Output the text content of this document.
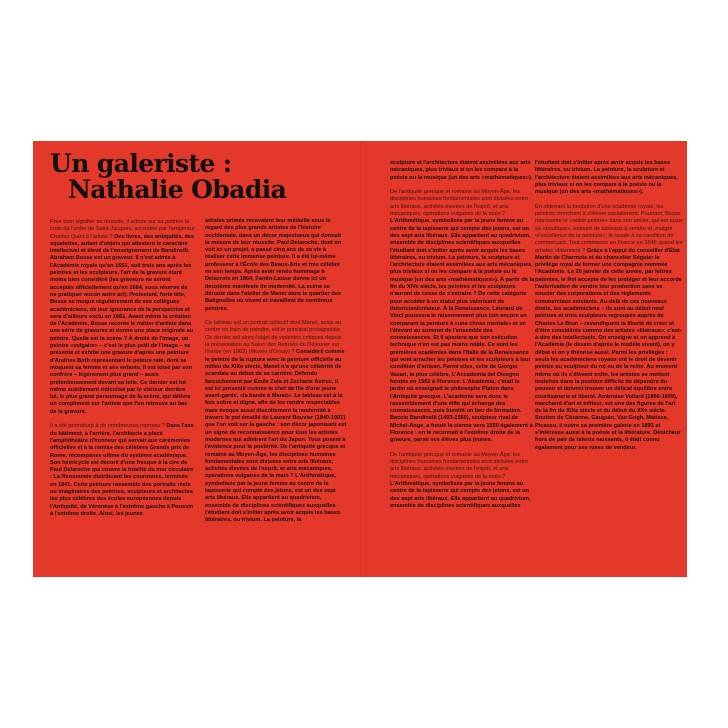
Un galeriste :
Nathalie Obadia

Pour bien signifier sa réussite, il arbore sur sa poitrine la croix de l'ordre de Saint-Jacques, accordée par l'empereur Charles Quint à l'artiste ? Des livres, des antiquités, des squelettes, autant d'objets qui attestent le caractère intellectuel et élevé de l'enseignement de Bandinelli. Abraham Bosse est un graveur. Il n'est admis à l'Académie royale qu'en 1651, soit trois ans après les peintres et les sculpteurs, l'art de la gravure étant moins bien considéré (les graveurs ne seront acceptés officiellement qu'en 1664, sous réserve de ne pratiquer aucun autre art). Protestant, forte tête, Bosse se moque régulièrement de ses collègues académiciens, de leur ignorance de la perspective et sera d'ailleurs exclu en 1661. Avant même la création de l'Académie, Bosse raconte le métier d'artiste dans une série de gravures et donne une place originale au peintre. Quelle est la scène ? À droite de l'image, un peintre «vulgaire» – c'est le plus petit de l'image – se présente et exhibe une gravure d'après une peinture d'Andries Both représentant le peintre raté, dont se moquent sa femme et ses enfants. Il est toisé par son confrère – légèrement plus grand – assis prétentieusement devant sa toile. Ce dernier est lui-même subtilement ridiculisé par le visiteur derrière lui, le plus grand personnage de la scène, qui délivre un compliment sur l'artiste que l'on retrouve au bas de la gravure.

Il a été portraituré à de nombreuses reprises ? Dans l'axe du bâtiment, à l'arrière, l'architecte a placé l'amphithéâtre d'honneur qui servait aux cérémonies officielles et à la remise des célèbres Grands prix de Rome, récompense ultime du système académique. Son hémicycle est décoré d'une fresque à la cire de Paul Delaroche qui couvre la totalité du mur circulaire : La Renommée distribuant les couronnes, terminée en 1841. Cette peinture rassemble des portraits réels ou imaginaires des peintres, sculpteurs et architectes les plus célèbres des écoles européennes depuis l'Antiquité, de Véronèse à l'extrême gauche à Poussin à l'extrême droite. Ainsi, les jeunes

artistes primés recevaient leur médaille sous le regard des plus grands artistes de l'histoire occidentale, dans un décor majestueux qui donnait la mesure de leur réussite. Paul Delaroche, dont on voit ici un projet, a passé cinq ans de sa vie à réaliser cette immense peinture. Il a été lui-même professeur à l'École des Beaux-Arts et très célèbre en son temps. Après avoir rendu hommage à Delacroix en 1864, Fantin-Latour donne ici un deuxième manifeste de modernité. La scène se déroule dans l'atelier de Manet dans le quartier des Batignolles où vivent et travaillent de nombreux peintres.

Ce tableau est un portrait collectif dont Manet, assis au centre en train de peindre, est le principal protagoniste. Ce dernier est alors l'objet de violentes critiques depuis la présentation au Salon des Refusés du Déjeuner sur l'herbe (en 1863) (Musée d'Orsay) ? Considéré comme le peintre de la rupture avec la peinture officielle au milieu du XIXe siècle, Manet n'a qu'une célébrité de scandale au début de sa carrière. Défendu farouchement par Émile Zola et Zacharie Astruc, il est ici présenté comme le chef de file d'une jeune avant-garde, «la bande à Manet». Le tableau est à la fois sobre et digne, afin de les rendre respectables mais évoque aussi discrètement la modernité à travers le pot émaillé de Laurent Bouvier (1840-1901) que l'on voit sur la gauche : son décor japonisant est un signe de reconnaissance pour tous les artistes modernes qui admirent l'art du Japon. Tous posent à l'évidence pour la postérité. De l'antiquité grecque et romaine au Moyen-Âge, les disciplines humaines fondamentales sont divisées entre arts libéraux, activités élevées de l'esprit, et arts mécaniques, opérations vulgaires de la main ? L'Arithmétique, symbolisée par la jeune femme au centre de la tapisserie qui compte des jetons, est un des sept arts libéraux. Elle appartient au quadrivium, ensemble de disciplines scientifiques auxquelles l'étudiant doit s'initier après avoir acquis les bases littéraires, ou trivium. La peinture, la

sculpture et l'architecture étaient assimilées aux arts mécaniques, plus triviaux si on les compare à la poésie ou la musique (un des arts «mathématiques»).

De l'antiquité grecque et romaine au Moyen-Âge, les disciplines humaines fondamentales sont divisées entre arts libéraux, activités élevées de l'esprit, et arts mécaniques, opérations vulgaires de la main ? L'Arithmétique, symbolisée par la jeune femme au centre de la tapisserie qui compte des jetons, est un des sept arts libéraux. Elle appartient au quadrivium, ensemble de disciplines scientifiques auxquelles l'étudiant doit s'initier après avoir acquis les bases littéraires, ou trivium. La peinture, la sculpture et l'architecture étaient assimilées aux arts mécaniques, plus triviaux si on les compare à la poésie ou la musique (un des arts «mathématiques»). À partir de la fin du XIVe siècle, les peintres et les sculpteurs n'auront de cesse de s'extraire ? De cette catégorie pour accéder à un statut plus valorisant de théoricien/créateur. À la Renaissance, Léonard de Vinci poussera le raisonnement plus loin encore en comparant la peinture à «une chose mentale» et en l'élevant au sommet de l'ensemble des connaissances. Et il ajoutera que son exécution technique n'en est pas moins noble. Ce sont les premières académies dans l'Italie de la Renaissance qui vont arracher les peintres et les sculpteurs à leur condition d'artisan. Parmi elles, celle de Giorgio Vasari, la plus célèbre, L'Accademia del Disegno fondée en 1562 à Florence. L'Akademia, c'était le jardin où enseignait le philosophe Platon dans l'Antiquité grecque. L'académie sera donc le rassemblement d'une élite qui échange des connaissances, puis bientôt un lieu de formation. Baccio Bandinelli (1493-1560), sculpteur rival de Michel-Ange, a fondé la sienne vers 1550 également à Florence : on le reconnaît à l'extrême droite de la gravure, parmi ses élèves plus jeunes.

De l'antiquité grecque et romaine au Moyen-Âge, les disciplines humaines fondamentales sont divisées entre arts libéraux, activités élevées de l'esprit, et arts mécaniques, opérations vulgaires de la main ? L'Arithmétique, symbolisée par la jeune femme au centre de la tapisserie qui compte des jetons, est un des sept arts libéraux. Elle appartient au quadrivium, ensemble de disciplines scientifiques auxquelles

l'étudiant doit s'initier après avoir acquis les bases littéraires, ou trivium. La peinture, la sculpture et l'architecture étaient assimilées aux arts mécaniques, plus triviaux si on les compare à la poésie ou la musique (un des arts «mathématiques»).

En obtenant la fondation d'une académie royale, les peintres cherchent à s'élever socialement. Pourtant, Bosse représente le «noble peintre» dans son atelier, qui est aussi sa «boutique», entouré de tableaux à vendre et, malgré «l'excellence de la peinture», le ravale à sa condition de commerçant. Tout commence en France en 1648 quand les artistes obtiennent ? Grâce à l'appui du conseiller d'État Martin de Charmois et du chancelier Séguier le privilège royal de former une compagnie nommée l'Académie. Le 20 janvier de cette année, par lettres patentes, le Roi accepte de les protéger et leur accorde l'autorisation de vendre leur production sans se soucier des corporations et des règlements commerciaux existants. Au-delà de ces nouveaux droits, les académiciens – ils sont au début neuf peintres et trois sculpteurs regroupés auprès de Charles Le Brun – revendiquent la liberté de créer et d'être considérés comme des artistes «libéraux», c'est-à-dire des intellectuels. On enseigne et on apprend à l'Académie (le dessin d'après le modèle vivant), on y débat et on y théorise aussi. Parmi les privilèges : seuls les académiciens royaux ont le droit de devenir peintre ou sculpteur du roi ou de la reine. Au moment même où ils s'élèvent enfin, les artistes se mettent toutefois dans la position difficile de dépendre du pouvoir et doivent trouver un délicat équilibre entre courtisanerie et liberté. Ambroise Vollard (1866-1939), marchand d'art et éditeur, est une des figures de l'art de la fin du XIXe siècle et du début du XXe siècle. Soutien de Cézanne, Gauguin, Van Gogh, Matisse, Picasso, il ouvre sa première galerie en 1893 et s'intéresse aussi à la poésie et la littérature. Dénicheur hors de pair de talents naissants, il était connu également pour ses ruses de vendeur.
